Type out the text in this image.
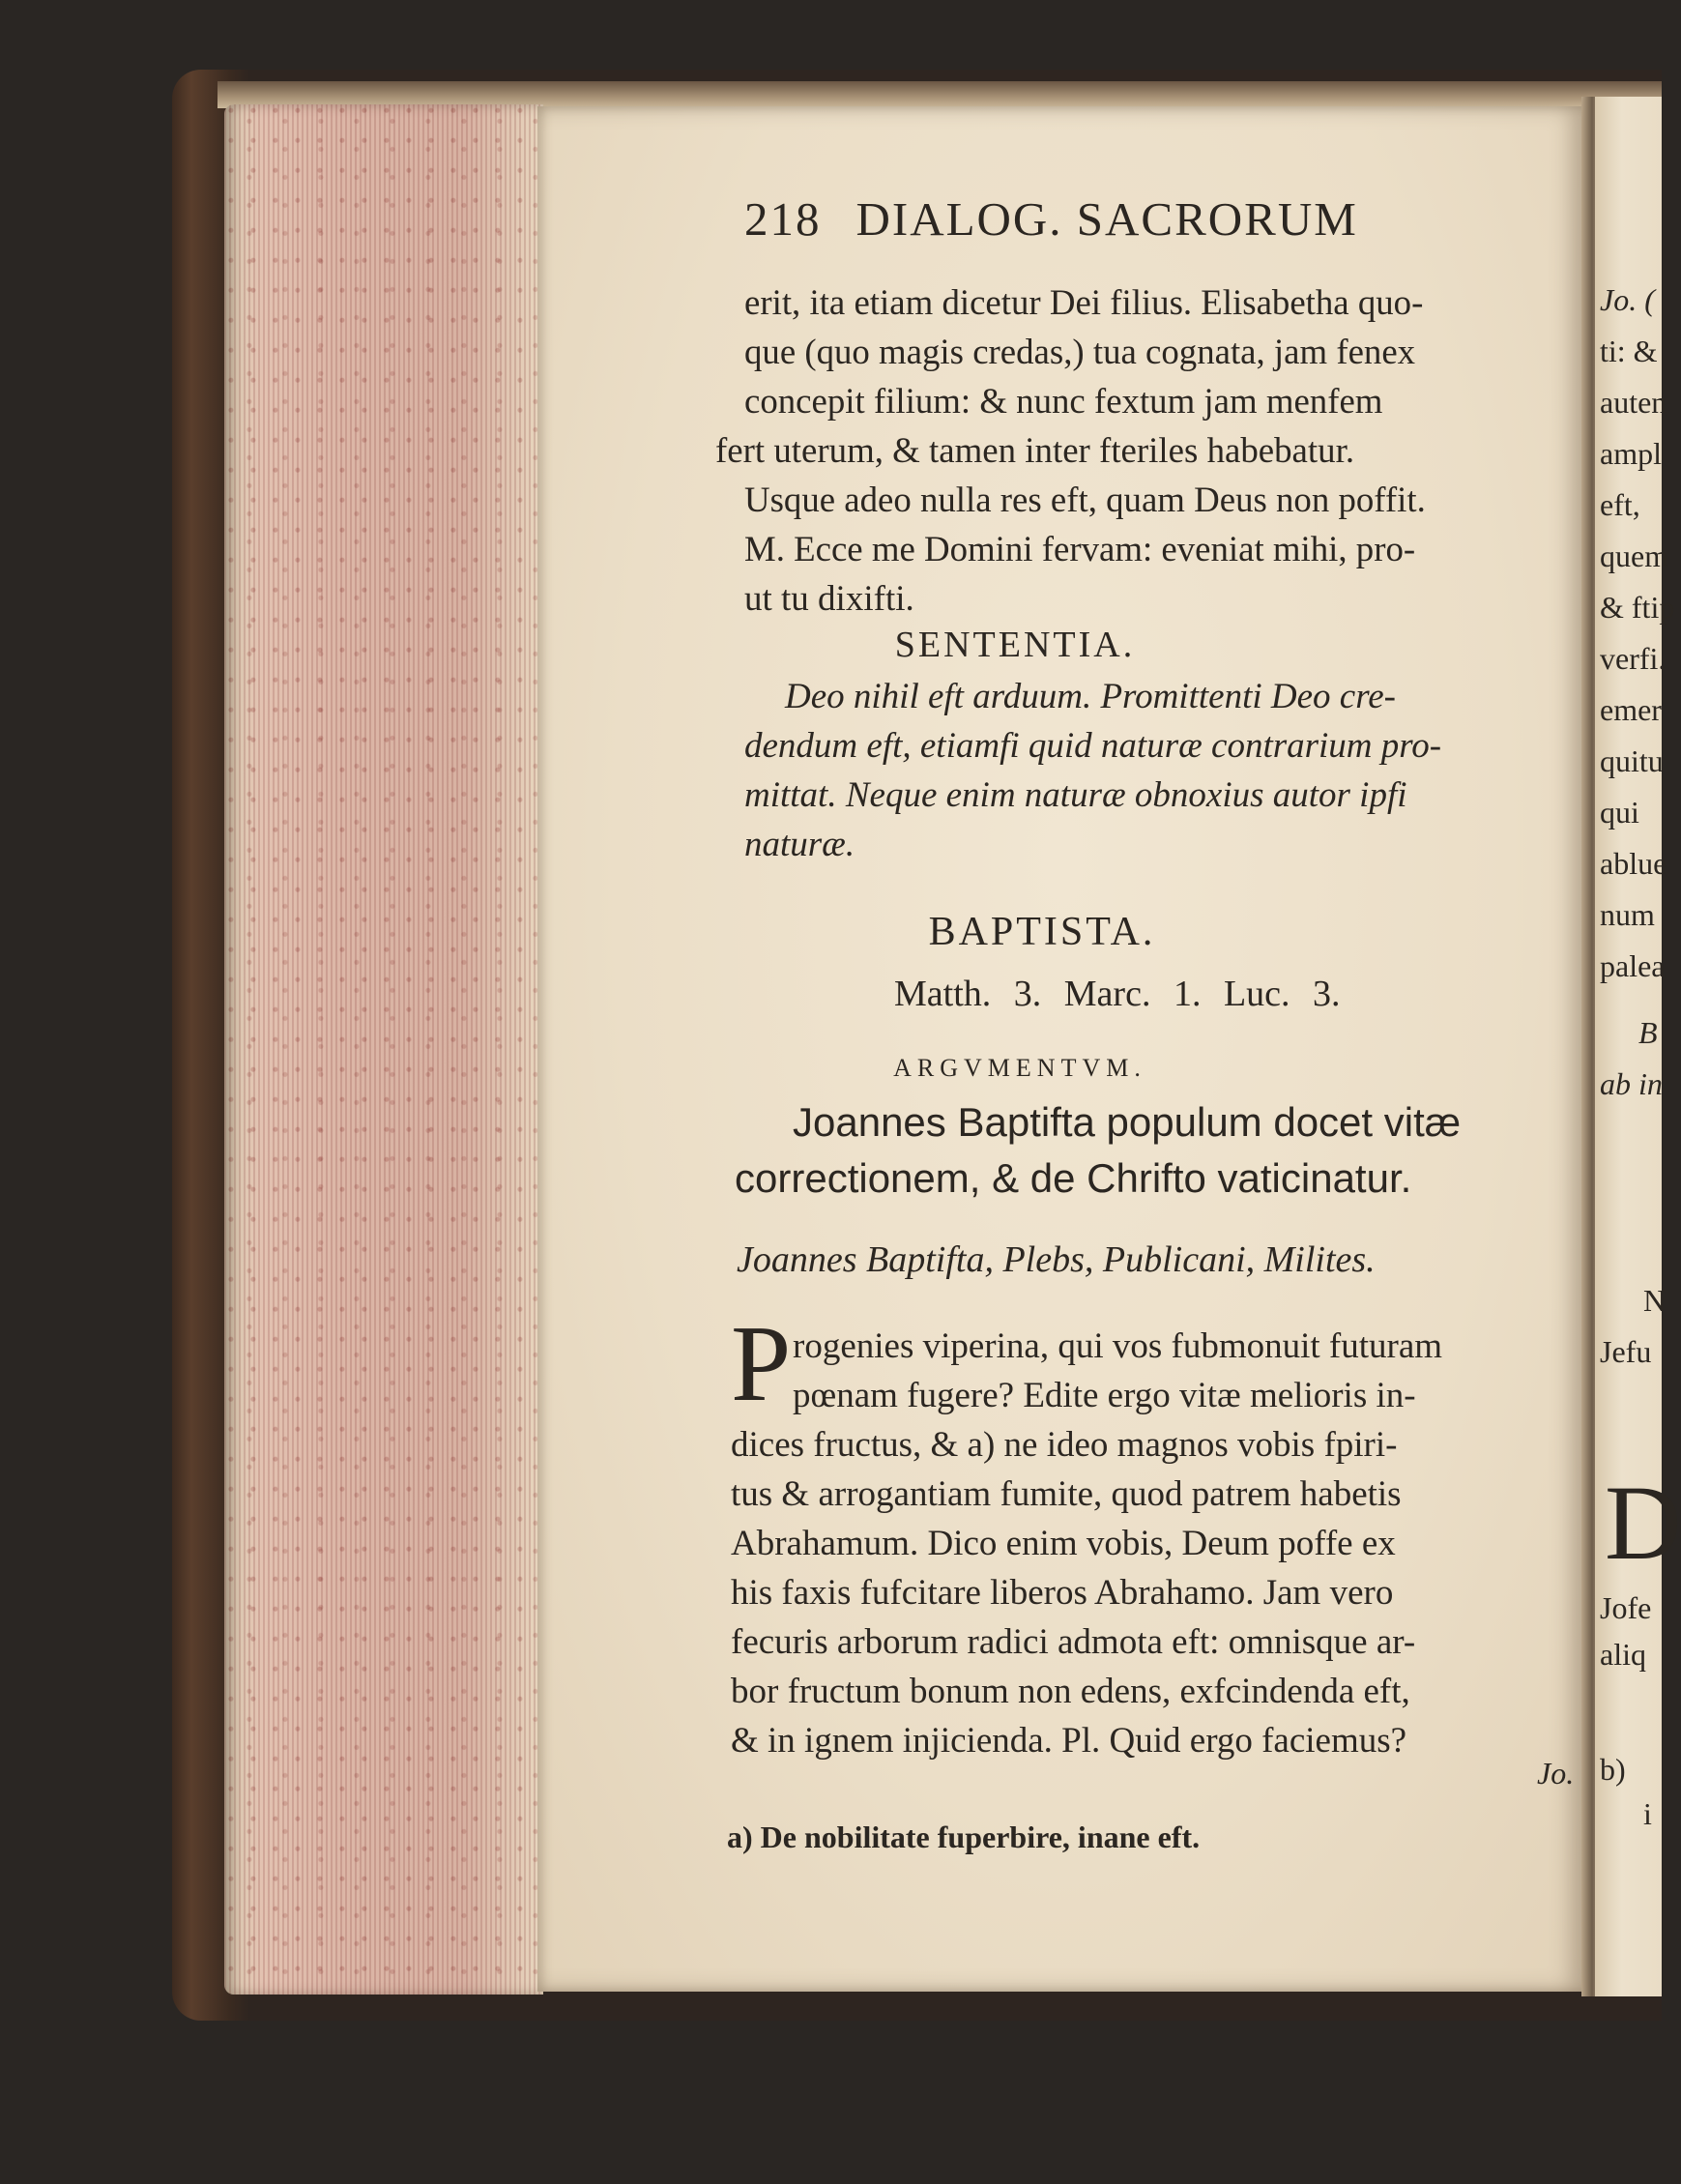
218 DIALOG. SACRORUM
erit, ita etiam dicetur Dei filius. Elisabetha quo-
que (quo magis credas,) tua cognata, jam fenex
concepit filium: & nunc fextum jam menfem
fert uterum, & tamen inter fteriles habebatur.
Usque adeo nulla res eft, quam Deus non poffit.
M. Ecce me Domini fervam: eveniat mihi, pro-
ut tu dixifti.
SENTENTIA.
Deo nihil eft arduum. Promittenti Deo cre-
dendum eft, etiamfi quid naturæ contrarium pro-
mittat. Neque enim naturæ obnoxius autor ipfi
naturæ.
BAPTISTA.
Matth. 3. Marc. 1. Luc. 3.
ARGVMENTVM.
Joannes Baptifta populum docet vitæ
correctionem, & de Chrifto vaticinatur.
Joannes Baptifta, Plebs, Publicani, Milites.
P rogenies viperina, qui vos fubmonuit futuram
pœnam fugere? Edite ergo vitæ melioris in-
dices fructus, & a) ne ideo magnos vobis fpiri-
tus & arrogantiam fumite, quod patrem habetis
Abrahamum. Dico enim vobis, Deum poffe ex
his faxis fufcitare liberos Abrahamo. Jam vero
fecuris arborum radici admota eft: omnisque ar-
bor fructum bonum non edens, exfcindenda eft,
& in ignem injicienda. Pl. Quid ergo faciemus?
Jo.
a) De nobilitate fuperbire, inane eft.
Jo. (
ti: &
auten
ampl
eft,
quem
& ftip
verfi.
emer
quitu
qui
ablue
num
palea
B
ab in
N
Jefu
D
Jofe
aliq
b)
i
